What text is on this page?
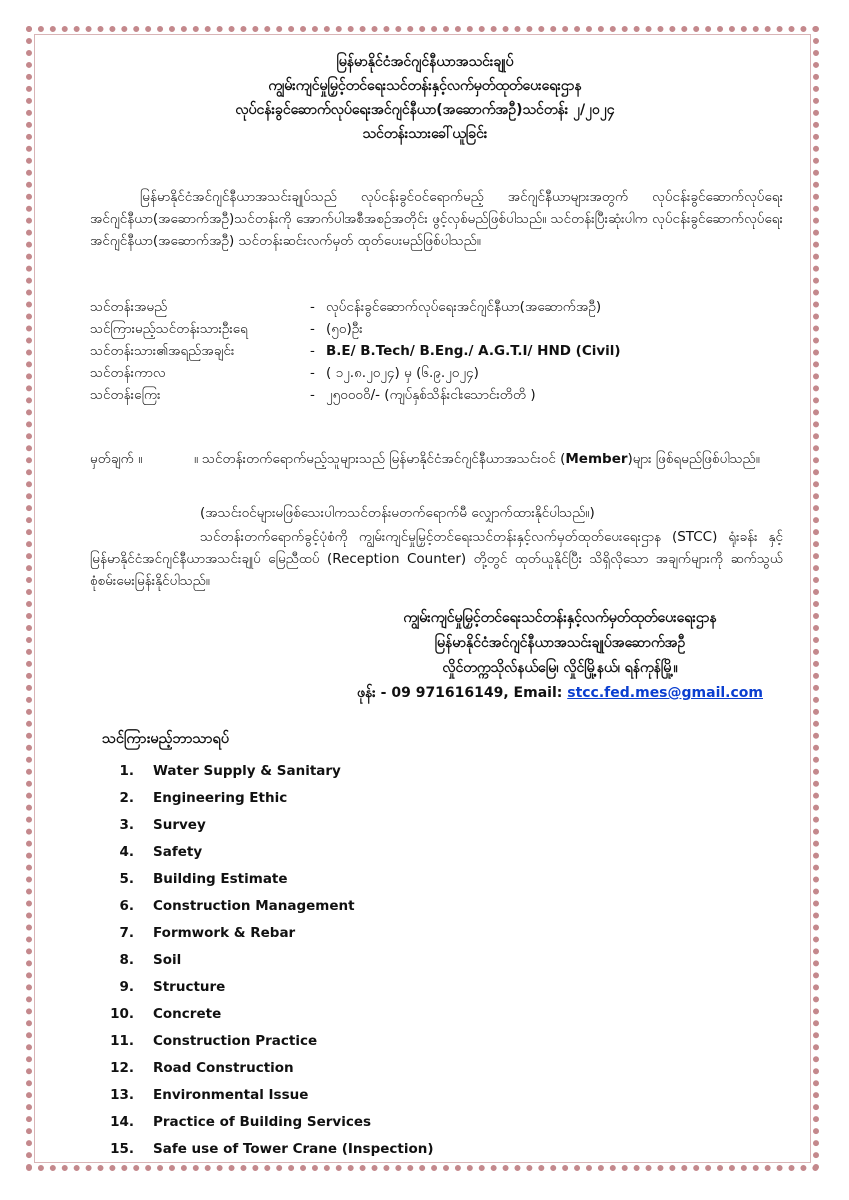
မြန်မာနိုင်ငံအင်ဂျင်နီယာအသင်းချုပ်
ကျွမ်းကျင်မှုမြှင့်တင်ရေးသင်တန်းနှင့်လက်မှတ်ထုတ်ပေးရေးဌာန
လုပ်ငန်းခွင်ဆောက်လုပ်ရေးအင်ဂျင်နီယာ(အဆောက်အဦ)သင်တန်း ၂/၂၀၂၄
သင်တန်းသားခေါ်ယူခြင်း
မြန်မာနိုင်ငံအင်ဂျင်နီယာအသင်းချုပ်သည် လုပ်ငန်းခွင်ဝင်ရောက်မည့် အင်ဂျင်နီယာများအတွက် လုပ်ငန်းခွင်ဆောက်လုပ်ရေး အင်ဂျင်နီယာ(အဆောက်အဦ)သင်တန်းကို အောက်ပါအစီအစဉ်အတိုင်း ဖွင့်လှစ်မည်ဖြစ်ပါသည်။ သင်တန်းပြီးဆုံးပါက လုပ်ငန်းခွင်ဆောက်လုပ်ရေးအင်ဂျင်နီယာ(အဆောက်အဦ) သင်တန်းဆင်းလက်မှတ် ထုတ်ပေးမည်ဖြစ်ပါသည်။
သင်တန်းအမည်	- လုပ်ငန်းခွင်ဆောက်လုပ်ရေးအင်ဂျင်နီယာ(အဆောက်အဦ)
သင်ကြားမည့်သင်တန်းသားဦးရေ	- (၅၀)ဦး
သင်တန်းသား၏အရည်အချင်း	- B.E/ B.Tech/ B.Eng./ A.G.T.I/ HND (Civil)
သင်တန်းကာလ	- ( ၁၂.၈.၂၀၂၄) မှ (၆.၉.၂၀၂၄)
သင်တန်းကြေး	- ၂၅၀၀၀၀ိ/- (ကျပ်နှစ်သိန်းငါးသောင်းတိတိ )
မှတ်ချက် ။	။ သင်တန်းတက်ရောက်မည့်သူများသည် မြန်မာနိုင်ငံအင်ဂျင်နီယာအသင်းဝင် (Member)များ ဖြစ်ရမည်ဖြစ်ပါသည်။
(အသင်းဝင်များမဖြစ်သေးပါကသင်တန်းမတက်ရောက်မီ လျှောက်ထားနိုင်ပါသည်။)
သင်တန်းတက်ရောက်ခွင့်ပုံစံကို ကျွမ်းကျင်မှုမြှင့်တင်ရေးသင်တန်းနှင့်လက်မှတ်ထုတ်ပေးရေးဌာန (STCC) ရုံးခန်း နှင့် မြန်မာနိုင်ငံအင်ဂျင်နီယာအသင်းချုပ် မြေညီထပ် (Reception Counter) တို့တွင် ထုတ်ယူနိုင်ပြီး သိရှိလိုသော အချက်များကို ဆက်သွယ်စုံစမ်းမေးမြန်းနိုင်ပါသည်။
ကျွမ်းကျင်မှုမြှင့်တင်ရေးသင်တန်းနှင့်လက်မှတ်ထုတ်ပေးရေးဌာန
မြန်မာနိုင်ငံအင်ဂျင်နီယာအသင်းချုပ်အဆောက်အဦ
လှိုင်တက္ကသိုလ်နယ်မြေ၊ လှိုင်မြို့နယ်၊ ရန်ကုန်မြို့။
ဖုန်း - 09 971616149, Email: stcc.fed.mes@gmail.com
သင်ကြားမည့်ဘာသာရပ်
1. Water Supply & Sanitary
2. Engineering Ethic
3. Survey
4. Safety
5. Building Estimate
6. Construction Management
7. Formwork & Rebar
8. Soil
9. Structure
10. Concrete
11. Construction Practice
12. Road Construction
13. Environmental Issue
14. Practice of Building Services
15. Safe use of Tower Crane (Inspection)
